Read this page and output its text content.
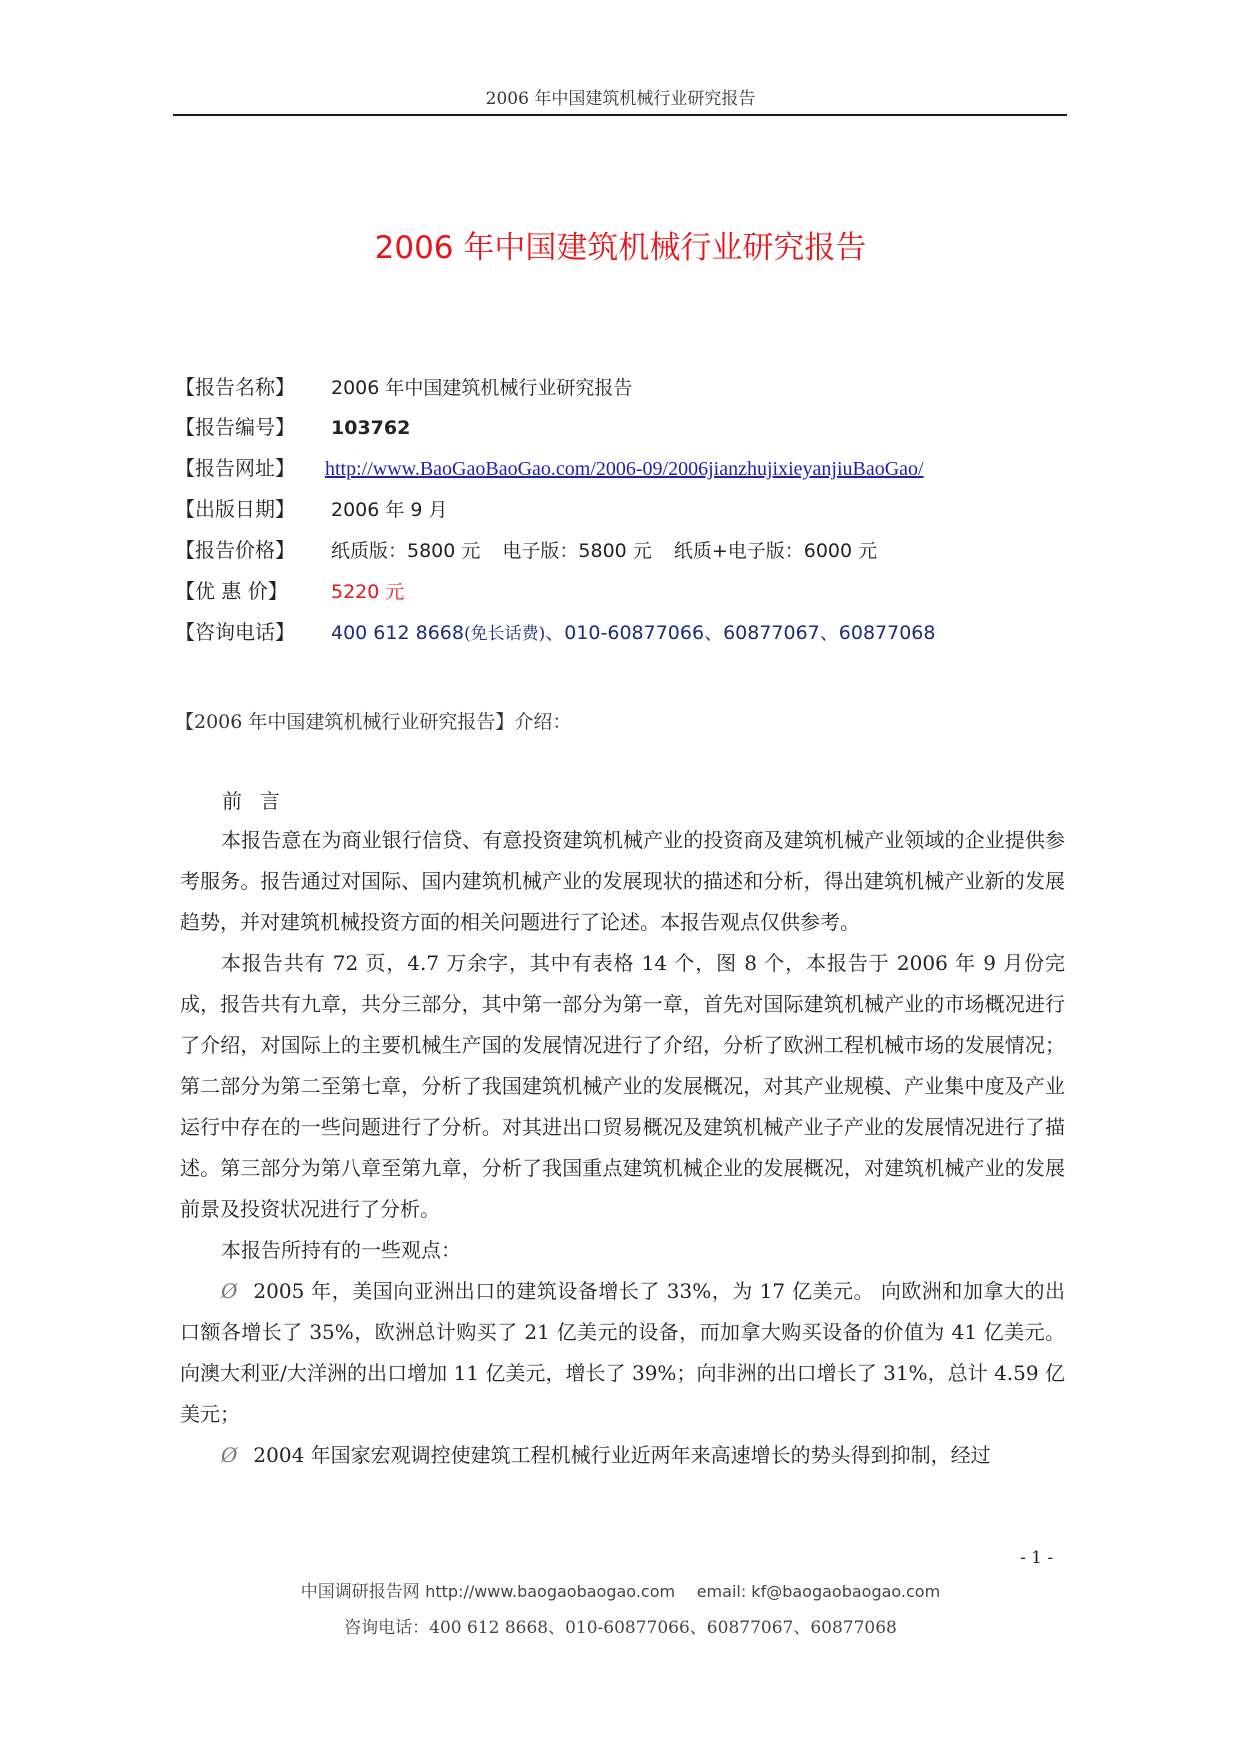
2006 年中国建筑机械行业研究报告
2006 年中国建筑机械行业研究报告
【报告名称】 2006 年中国建筑机械行业研究报告
【报告编号】 103762
【报告网址】 http://www.BaoGaoBaoGao.com/2006-09/2006jianzhujixieyanjiuBaoGao/
【出版日期】 2006 年 9 月
【报告价格】 纸质版：5800 元 电子版：5800 元 纸质+电子版：6000 元
【优 惠 价】 5220 元
【咨询电话】 400 612 8668(免长话费)、010-60877066、60877067、60877068
【2006 年中国建筑机械行业研究报告】介绍：
前言

本报告意在为商业银行信贷、有意投资建筑机械产业的投资商及建筑机械产业领域的企业提供参考服务。报告通过对国际、国内建筑机械产业的发展现状的描述和分析，得出建筑机械产业新的发展趋势，并对建筑机械投资方面的相关问题进行了论述。本报告观点仅供参考。

本报告共有 72 页，4.7 万余字，其中有表格 14 个，图 8 个，本报告于 2006 年 9 月份完成，报告共有九章，共分三部分，其中第一部分为第一章，首先对国际建筑机械产业的市场概况进行了介绍，对国际上的主要机械生产国的发展情况进行了介绍，分析了欧洲工程机械市场的发展情况；第二部分为第二至第七章，分析了我国建筑机械产业的发展概况，对其产业规模、产业集中度及产业运行中存在的一些问题进行了分析。对其进出口贸易概况及建筑机械产业子产业的发展情况进行了描述。第三部分为第八章至第九章，分析了我国重点建筑机械企业的发展概况，对建筑机械产业的发展前景及投资状况进行了分析。

本报告所持有的一些观点：

Ø 2005 年，美国向亚洲出口的建筑设备增长了 33%，为 17 亿美元。 向欧洲和加拿大的出口额各增长了 35%，欧洲总计购买了 21 亿美元的设备，而加拿大购买设备的价值为 41 亿美元。 向澳大利亚/大洋洲的出口增加 11 亿美元，增长了 39%；向非洲的出口增长了 31%，总计 4.59 亿美元；

Ø 2004 年国家宏观调控使建筑工程机械行业近两年来高速增长的势头得到抑制，经过

- 1 -
中国调研报告网 http://www.baogaobaogao.com email: kf@baogaobaogao.com
咨询电话：400 612 8668、010-60877066、60877067、60877068
